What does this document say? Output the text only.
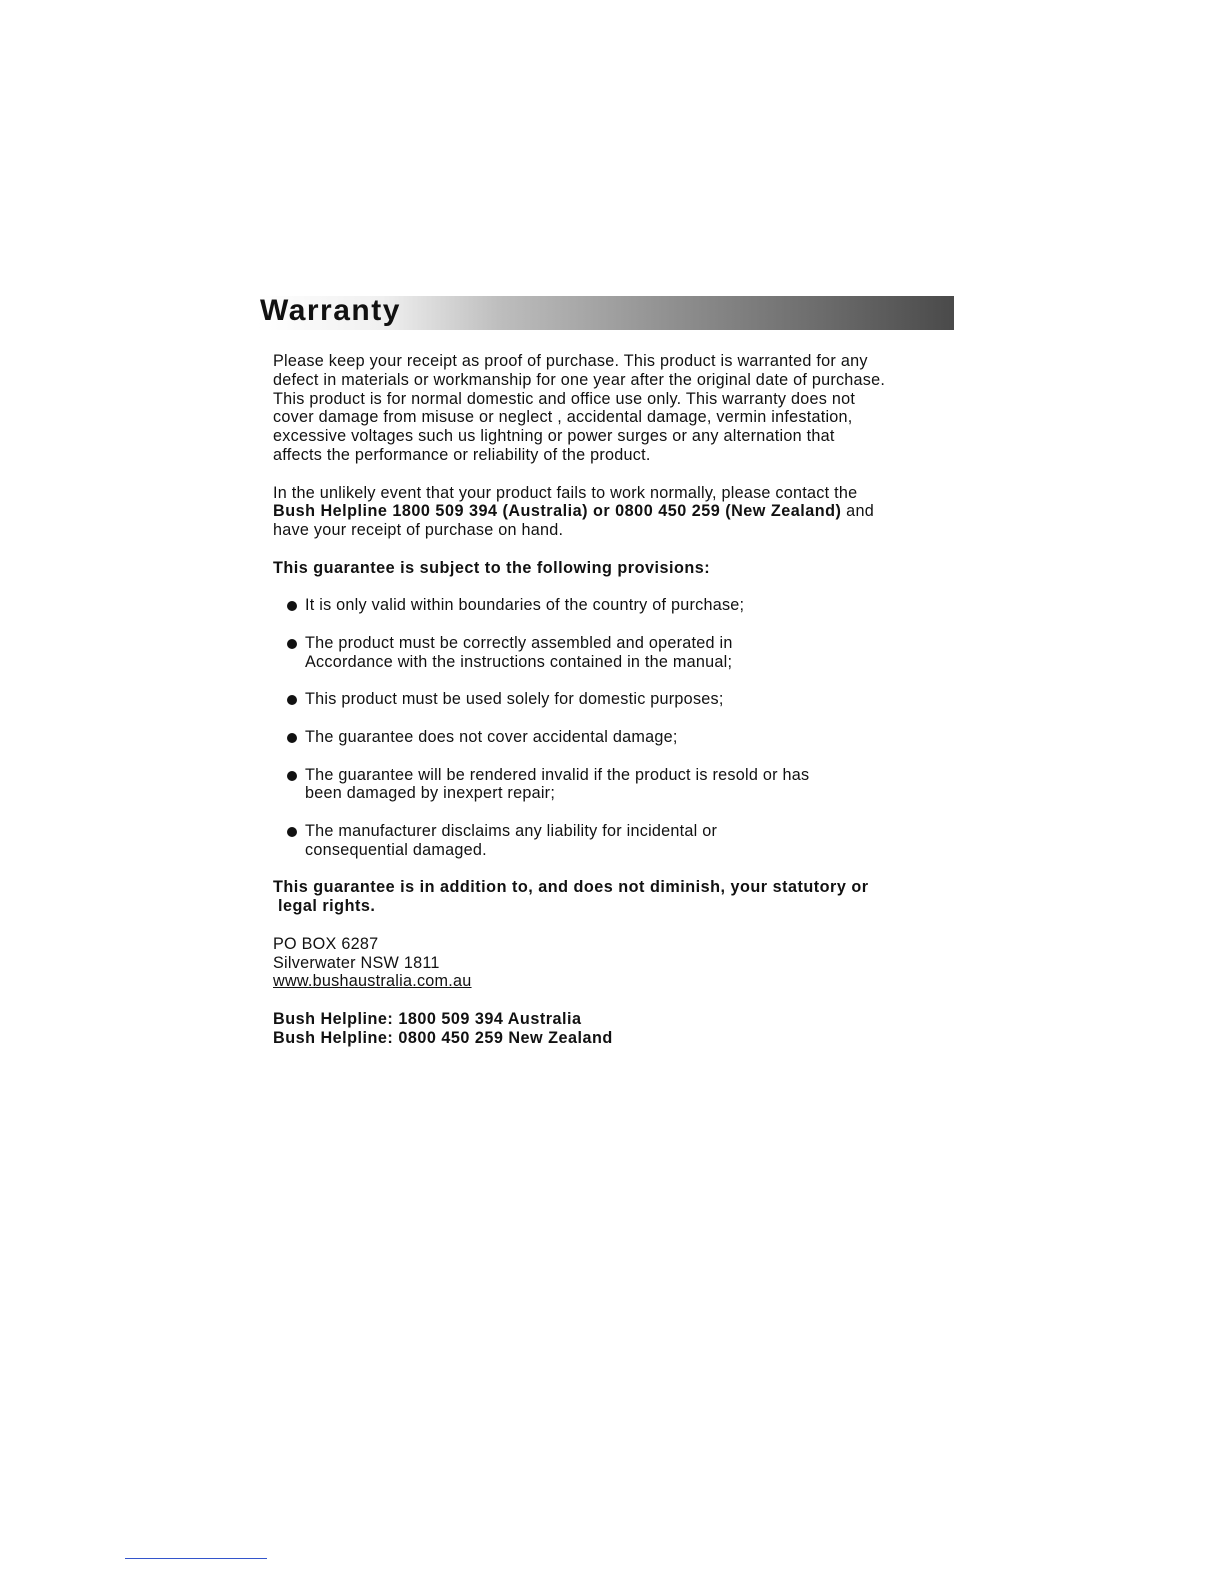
Warranty

Please keep your receipt as proof of purchase. This product is warranted for any

defect in materials or workmanship for one year after the original date of purchase.

This product is for normal domestic and office use only. This warranty does not

cover damage from misuse or neglect , accidental damage, vermin infestation,

excessive voltages such us lightning or power surges or any alternation that

affects the performance or reliability of the product.

In the unlikely event that your product fails to work normally, please contact the

Bush Helpline 1800 509 394 (Australia) or 0800 450 259 (New Zealand) and

have your receipt of purchase on hand.

This guarantee is subject to the following provisions:

It is only valid within boundaries of the country of purchase;

The product must be correctly assembled and operated in

Accordance with the instructions contained in the manual;

This product must be used solely for domestic purposes;

The guarantee does not cover accidental damage;

The guarantee will be rendered invalid if the product is resold or has

been damaged by inexpert repair;

The manufacturer disclaims any liability for incidental or

consequential damaged.

This guarantee is in addition to, and does not diminish, your statutory or

legal rights.

PO BOX 6287

Silverwater NSW 1811

www.bushaustralia.com.au

Bush Helpline: 1800 509 394 Australia

Bush Helpline: 0800 450 259 New Zealand
